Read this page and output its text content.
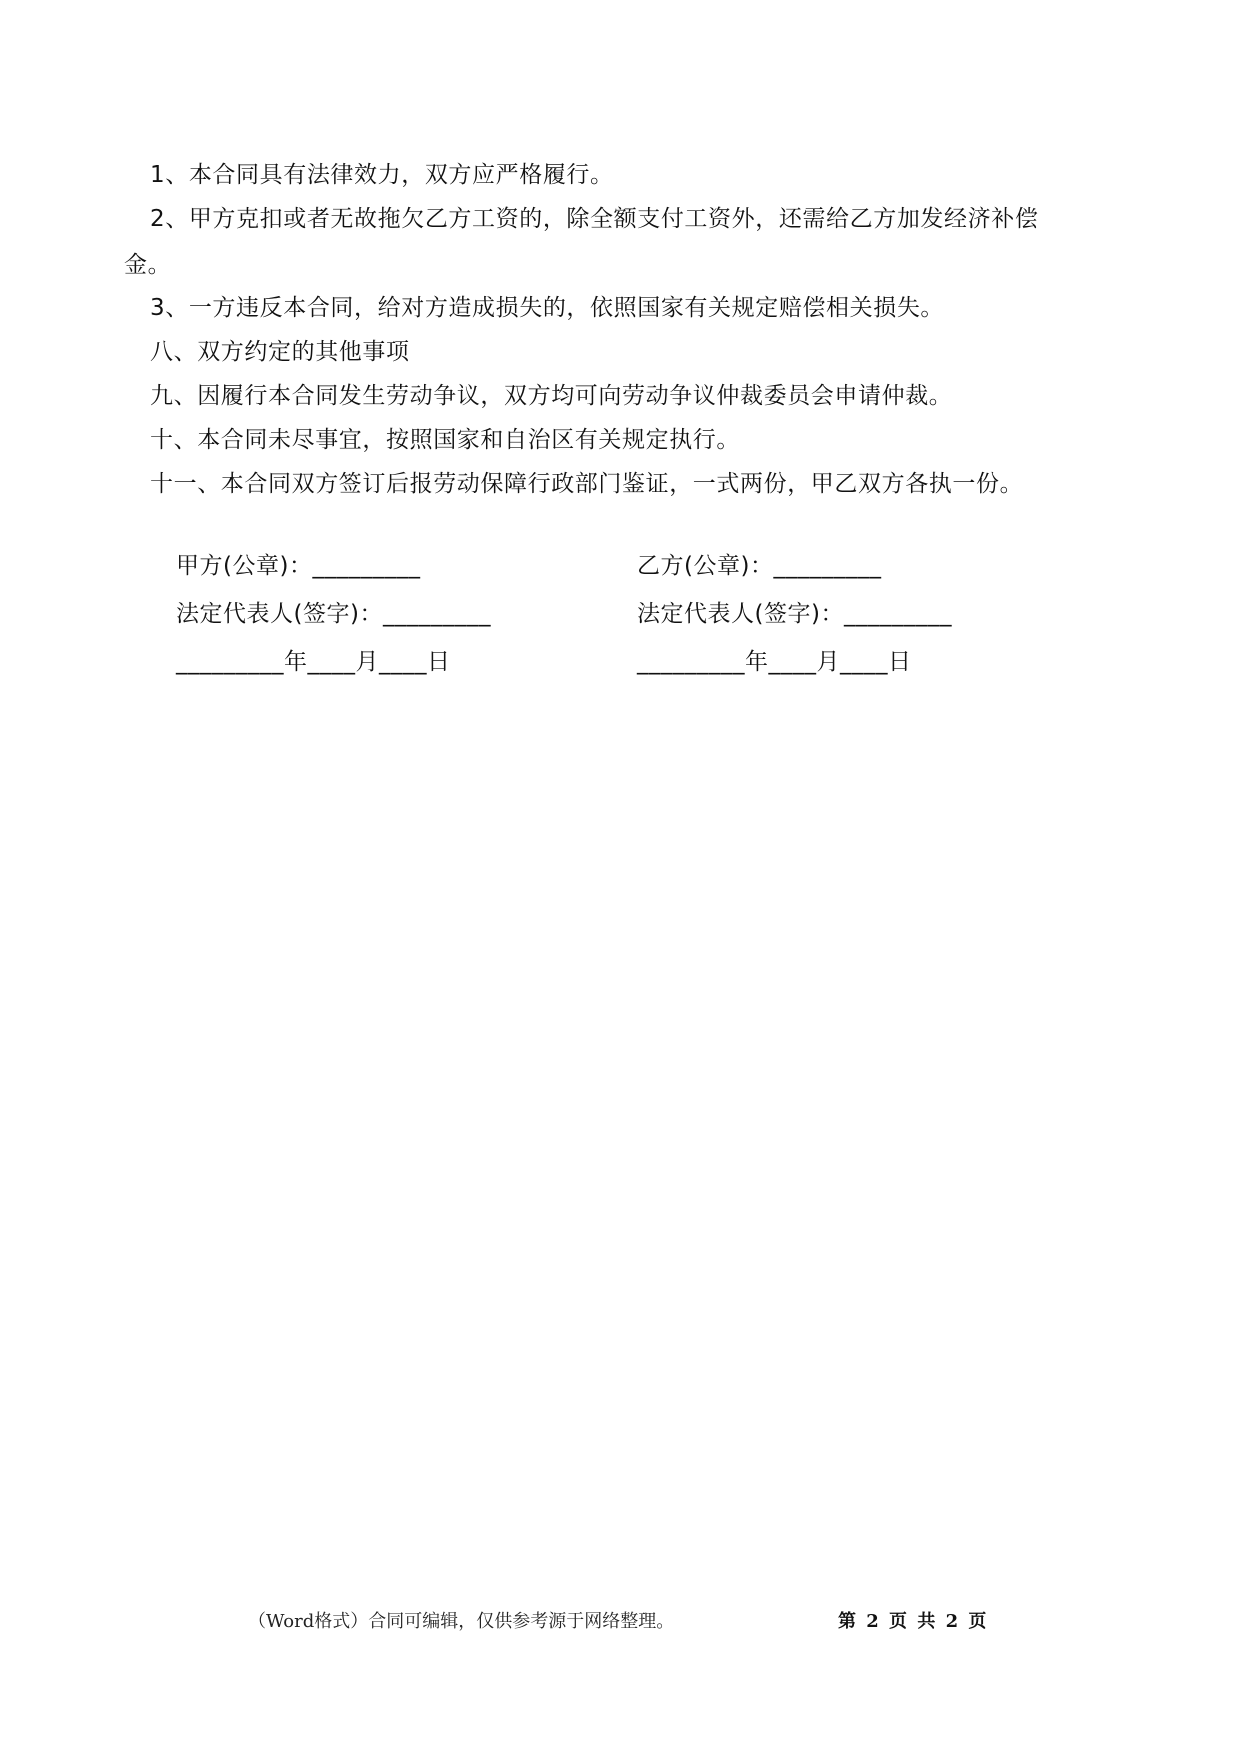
1、本合同具有法律效力，双方应严格履行。
2、甲方克扣或者无故拖欠乙方工资的，除全额支付工资外，还需给乙方加发经济补偿金。
3、一方违反本合同，给对方造成损失的，依照国家有关规定赔偿相关损失。
八、双方约定的其他事项
九、因履行本合同发生劳动争议，双方均可向劳动争议仲裁委员会申请仲裁。
十、本合同未尽事宜，按照国家和自治区有关规定执行。
十一、本合同双方签订后报劳动保障行政部门鉴证，一式两份，甲乙双方各执一份。
甲方(公章)：_________	乙方(公章)：_________
法定代表人(签字)：_________	法定代表人(签字)：_________
_________年____月____日	_________年____月____日
（Word格式）合同可编辑，仅供参考源于网络整理。	第 2 页 共 2 页
